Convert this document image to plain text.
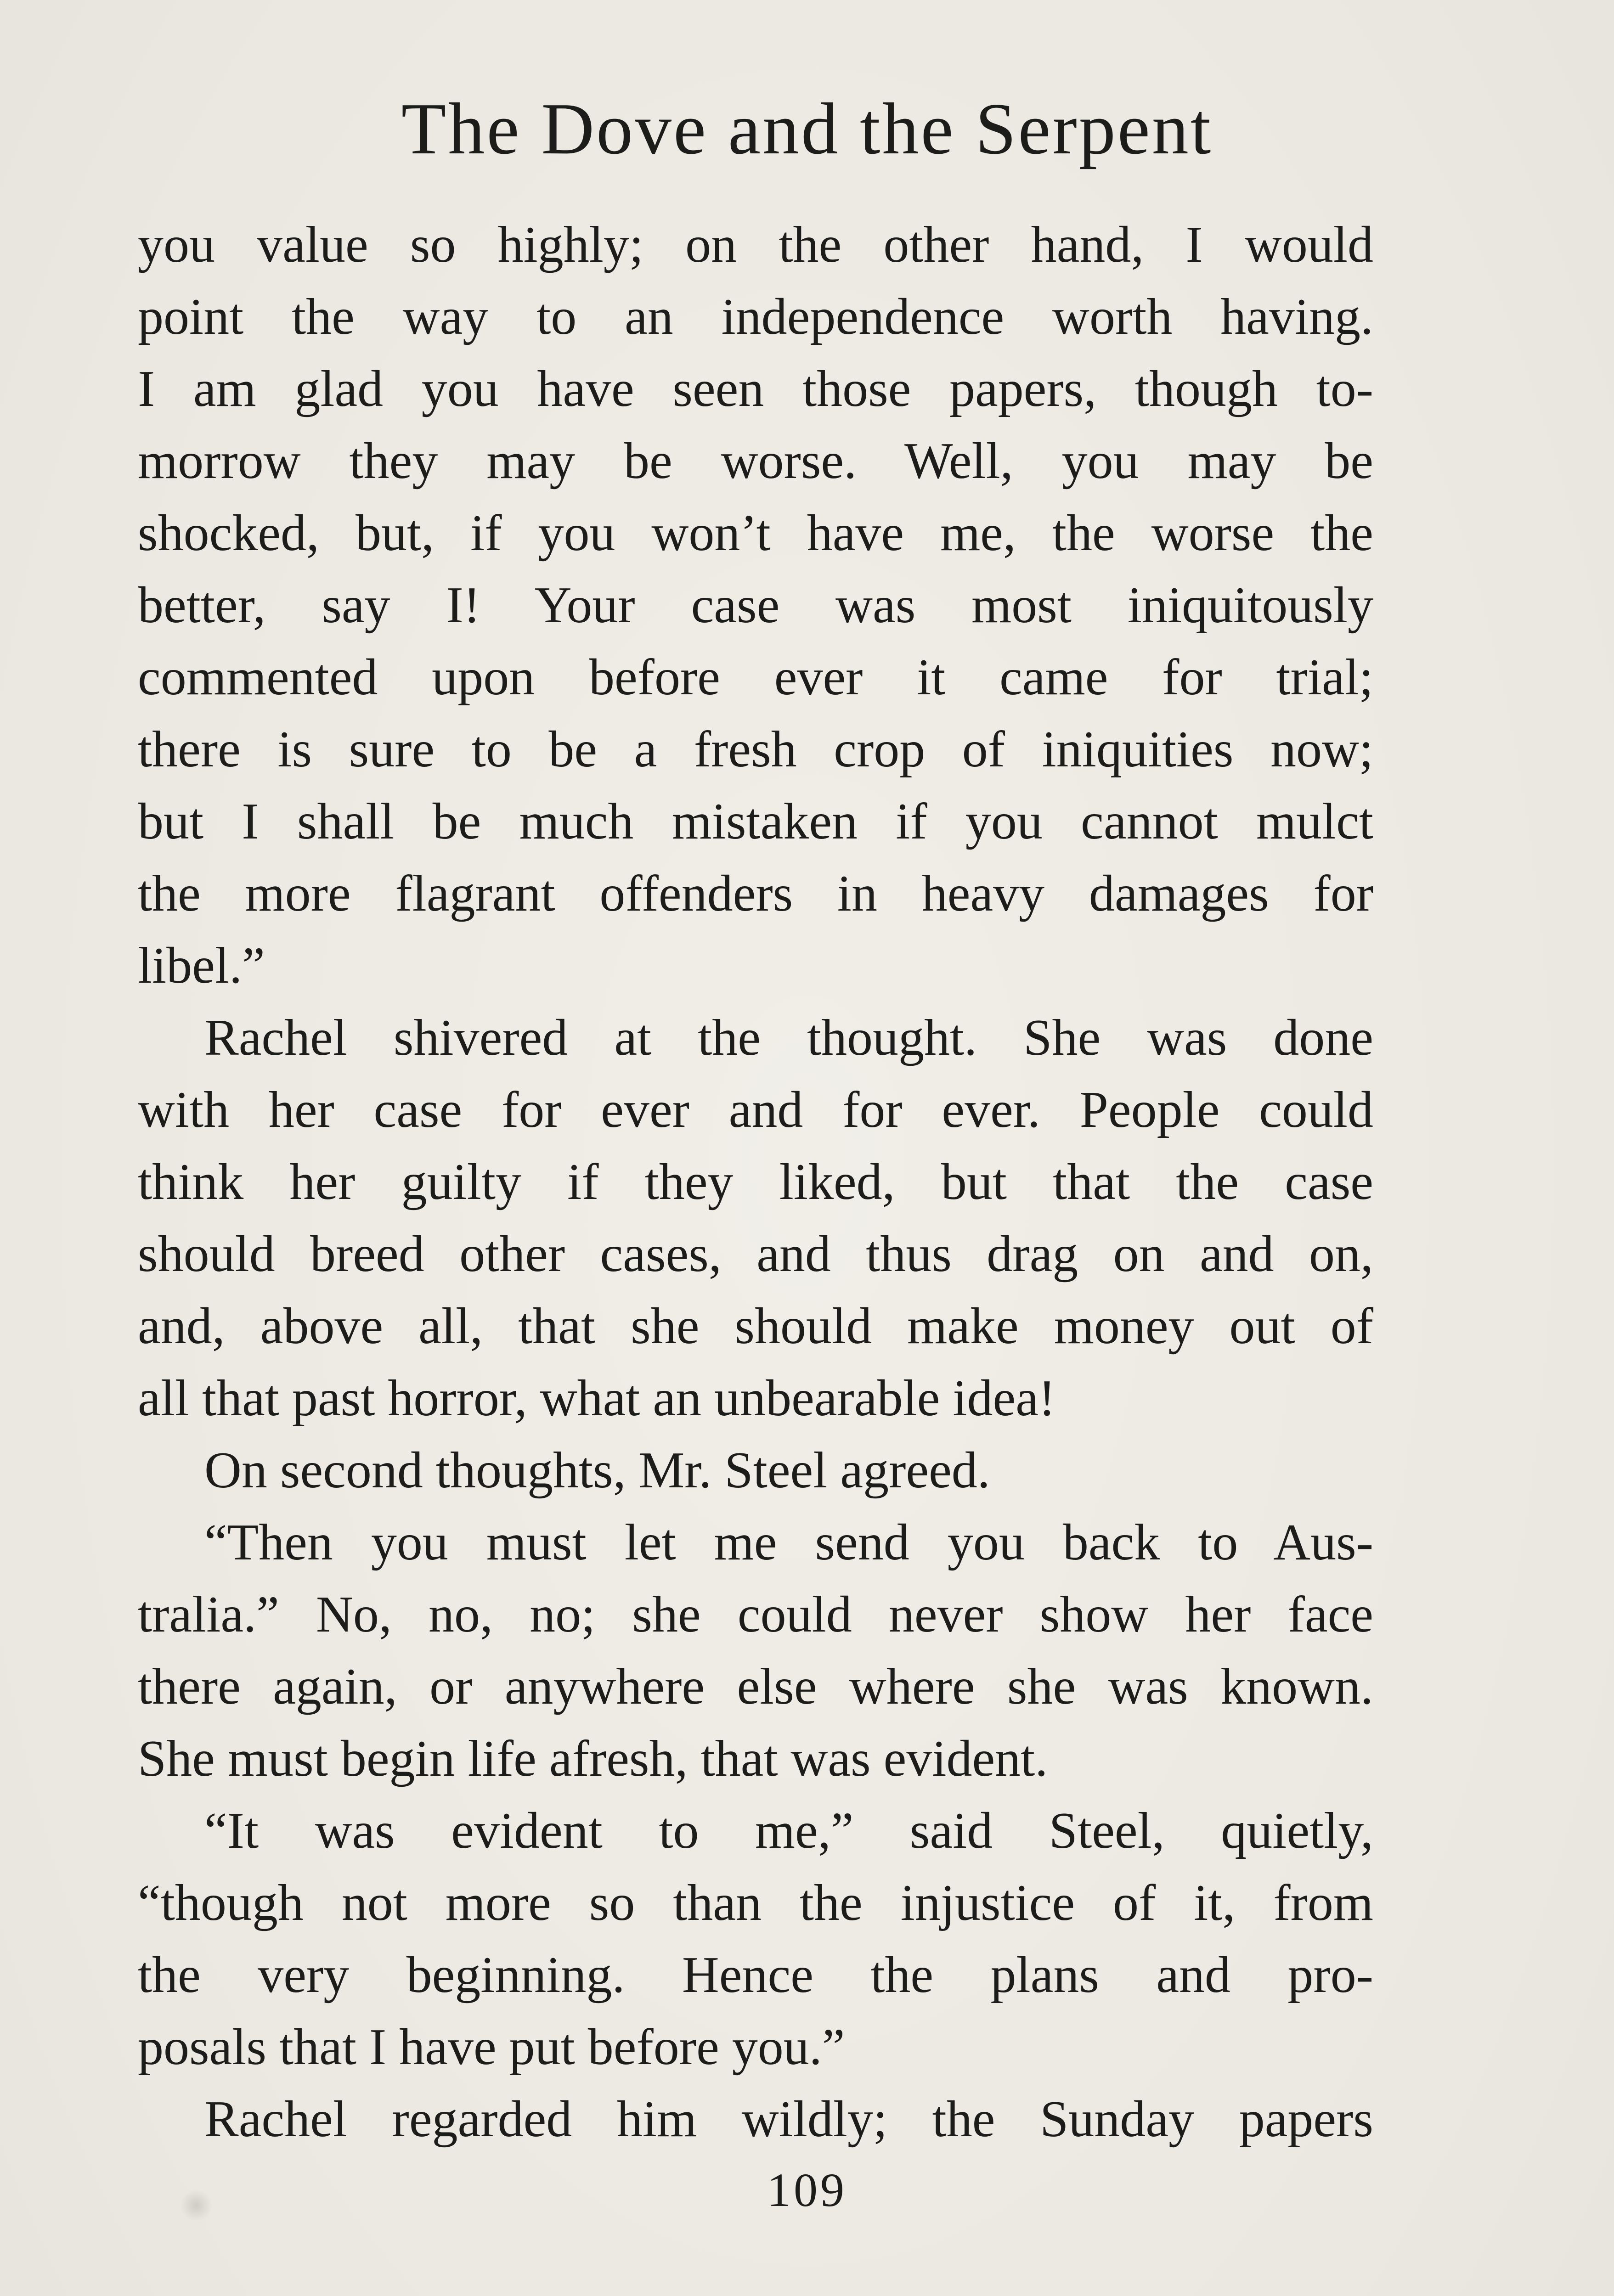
The Dove and the Serpent
you value so highly; on the other hand, I would
point the way to an independence worth having.
I am glad you have seen those papers, though to-
morrow they may be worse. Well, you may be
shocked, but, if you won’t have me, the worse the
better, say I! Your case was most iniquitously
commented upon before ever it came for trial;
there is sure to be a fresh crop of iniquities now;
but I shall be much mistaken if you cannot mulct
the more flagrant offenders in heavy damages for
libel.”
Rachel shivered at the thought. She was done
with her case for ever and for ever. People could
think her guilty if they liked, but that the case
should breed other cases, and thus drag on and on,
and, above all, that she should make money out of
all that past horror, what an unbearable idea!
On second thoughts, Mr. Steel agreed.
“Then you must let me send you back to Aus-
tralia.” No, no, no; she could never show her face
there again, or anywhere else where she was known.
She must begin life afresh, that was evident.
“It was evident to me,” said Steel, quietly,
“though not more so than the injustice of it, from
the very beginning. Hence the plans and pro-
posals that I have put before you.”
Rachel regarded him wildly; the Sunday papers
109
